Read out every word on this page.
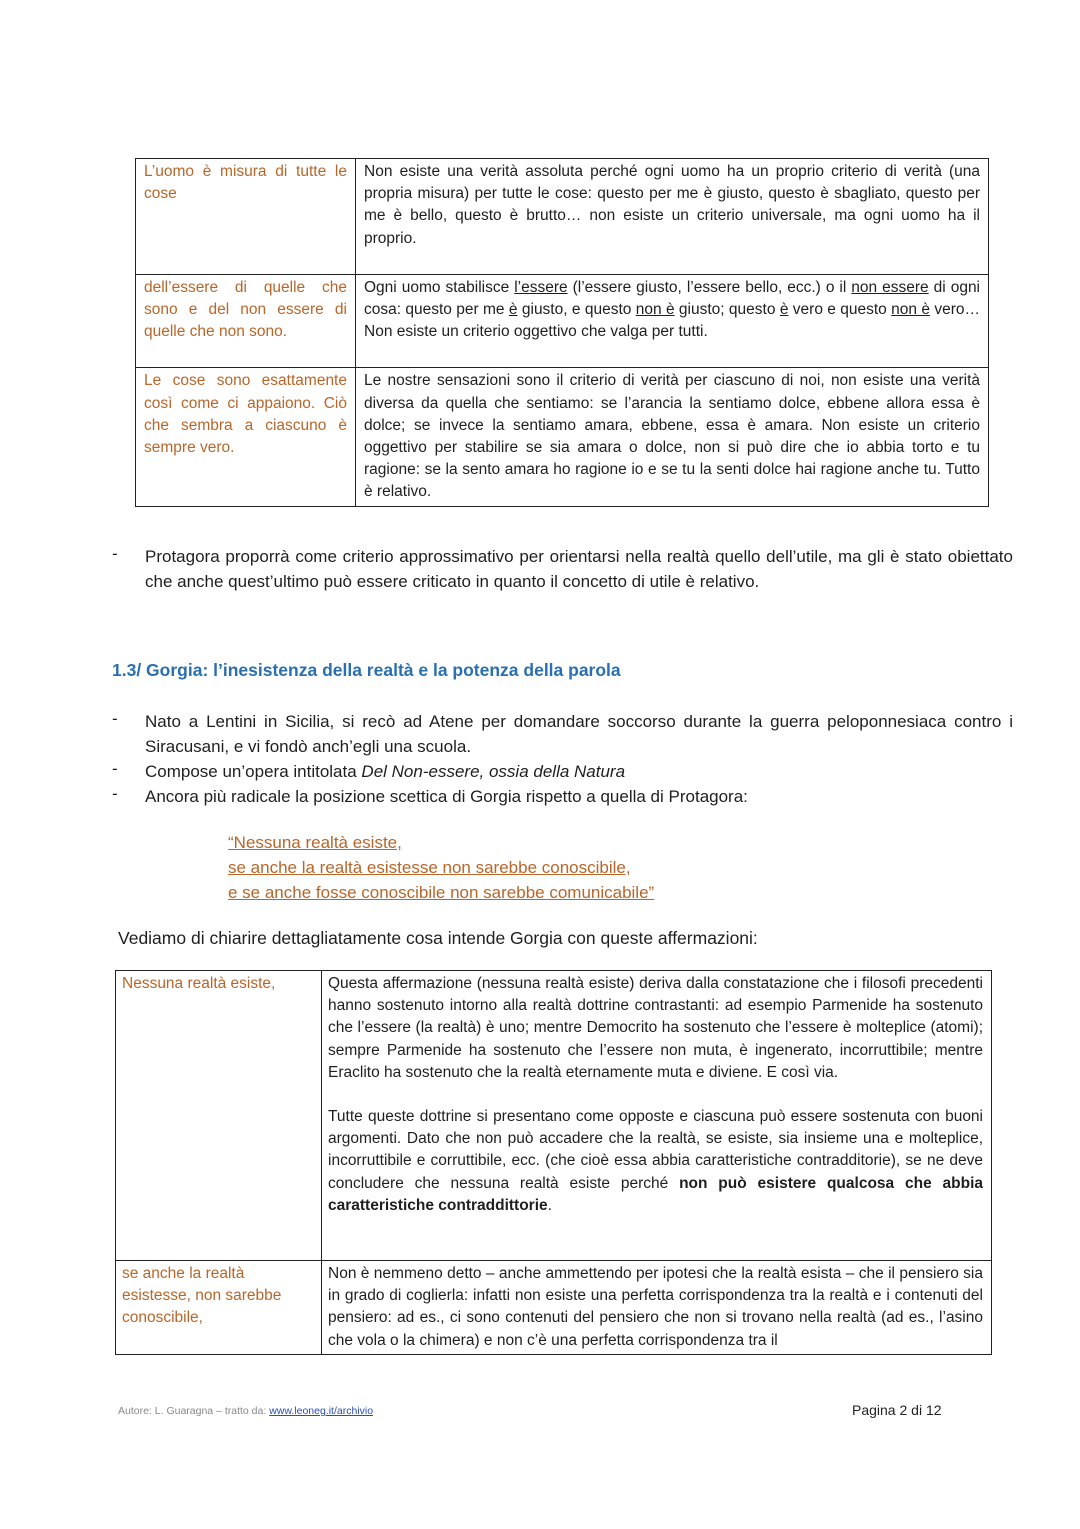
L’uomo è misura di tutte le cose	Non esiste una verità assoluta perché ogni uomo ha un proprio criterio di verità (una propria misura) per tutte le cose: questo per me è giusto, questo è sbagliato, questo per me è bello, questo è brutto… non esiste un criterio universale, ma ogni uomo ha il proprio.
dell’essere di quelle che sono e del non essere di quelle che non sono.	Ogni uomo stabilisce l’essere (l’essere giusto, l’essere bello, ecc.) o il non essere di ogni cosa: questo per me è giusto, e questo non è giusto; questo è vero e questo non è vero… Non esiste un criterio oggettivo che valga per tutti.
Le cose sono esattamente così come ci appaiono. Ciò che sembra a ciascuno è sempre vero.	Le nostre sensazioni sono il criterio di verità per ciascuno di noi, non esiste una verità diversa da quella che sentiamo: se l’arancia la sentiamo dolce, ebbene allora essa è dolce; se invece la sentiamo amara, ebbene, essa è amara. Non esiste un criterio oggettivo per stabilire se sia amara o dolce, non si può dire che io abbia torto e tu ragione: se la sento amara ho ragione io e se tu la senti dolce hai ragione anche tu. Tutto è relativo.
- Protagora proporrà come criterio approssimativo per orientarsi nella realtà quello dell’utile, ma gli è stato obiettato che anche quest’ultimo può essere criticato in quanto il concetto di utile è relativo.
1.3/ Gorgia: l’inesistenza della realtà e la potenza della parola
- Nato a Lentini in Sicilia, si recò ad Atene per domandare soccorso durante la guerra peloponnesiaca contro i Siracusani, e vi fondò anch’egli una scuola.
- Compose un’opera intitolata Del Non-essere, ossia della Natura
- Ancora più radicale la posizione scettica di Gorgia rispetto a quella di Protagora:
“Nessuna realtà esiste,
se anche la realtà esistesse non sarebbe conoscibile,
e se anche fosse conoscibile non sarebbe comunicabile”
Vediamo di chiarire dettagliatamente cosa intende Gorgia con queste affermazioni:
Nessuna realtà esiste,	Questa affermazione (nessuna realtà esiste) deriva dalla constatazione che i filosofi precedenti hanno sostenuto intorno alla realtà dottrine contrastanti: ad esempio Parmenide ha sostenuto che l’essere (la realtà) è uno; mentre Democrito ha sostenuto che l’essere è molteplice (atomi); sempre Parmenide ha sostenuto che l’essere non muta, è ingenerato, incorruttibile; mentre Eraclito ha sostenuto che la realtà eternamente muta e diviene. E così via.

Tutte queste dottrine si presentano come opposte e ciascuna può essere sostenuta con buoni argomenti. Dato che non può accadere che la realtà, se esiste, sia insieme una e molteplice, incorruttibile e corruttibile, ecc. (che cioè essa abbia caratteristiche contradditorie), se ne deve concludere che nessuna realtà esiste perché non può esistere qualcosa che abbia caratteristiche contraddittorie.

se anche la realtà esistesse, non sarebbe conoscibile,	Non è nemmeno detto – anche ammettendo per ipotesi che la realtà esista – che il pensiero sia in grado di coglierla: infatti non esiste una perfetta corrispondenza tra la realtà e i contenuti del pensiero: ad es., ci sono contenuti del pensiero che non si trovano nella realtà (ad es., l’asino che vola o la chimera) e non c’è una perfetta corrispondenza tra il
Autore: L. Guaragna – tratto da: www.leoneg.it/archivio	Pagina 2 di 12
